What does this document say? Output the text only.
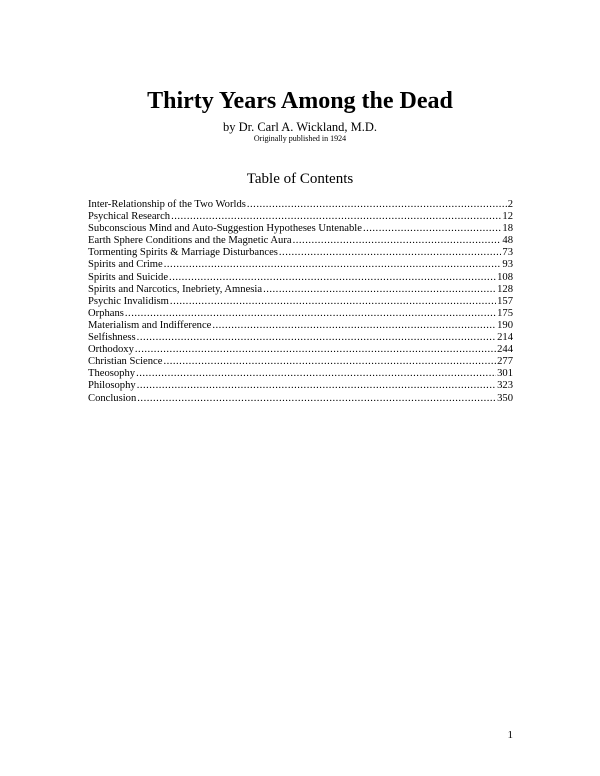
Thirty Years Among the Dead
by Dr. Carl A. Wickland, M.D.
Originally published in 1924
Table of Contents
Inter-Relationship of the Two Worlds .....	2
Psychical Research .....	12
Subconscious Mind and Auto-Suggestion Hypotheses Untenable .....	18
Earth Sphere Conditions and the Magnetic Aura .....	48
Tormenting Spirits & Marriage Disturbances .....	73
Spirits and Crime .....	93
Spirits and Suicide .....	108
Spirits and Narcotics, Inebriety, Amnesia .....	128
Psychic Invalidism .....	157
Orphans .....	175
Materialism and Indifference .....	190
Selfishness .....	214
Orthodoxy .....	244
Christian Science .....	277
Theosophy .....	301
Philosophy .....	323
Conclusion .....	350
1
